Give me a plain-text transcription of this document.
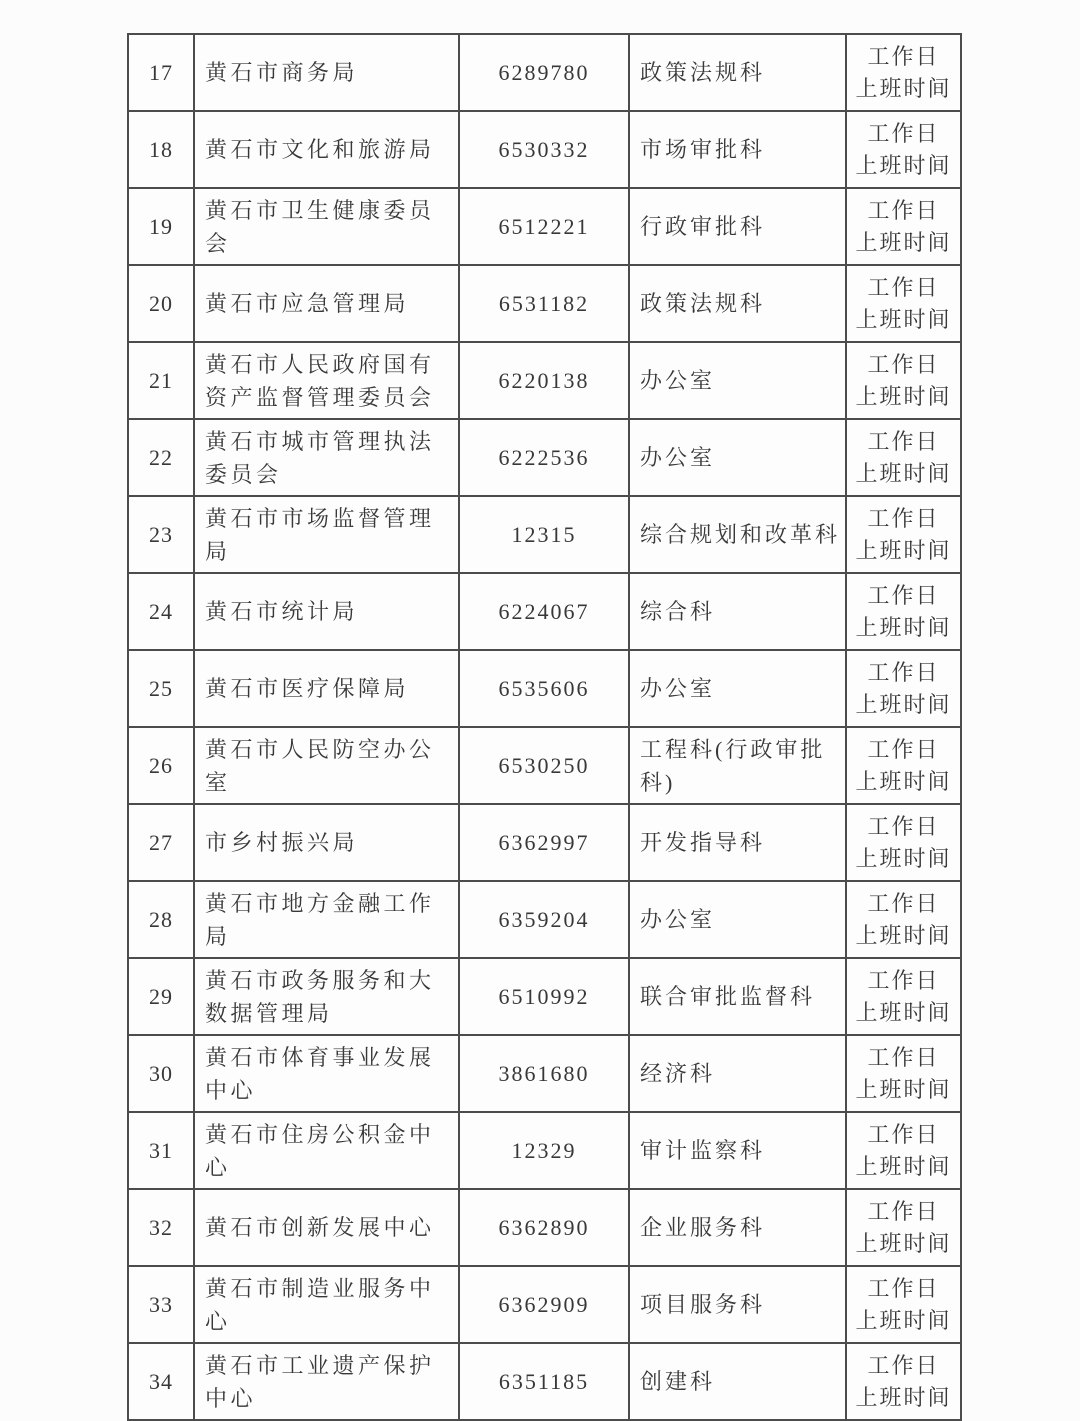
17	黄石市商务局	6289780	政策法规科	工作日
上班时间

18	黄石市文化和旅游局	6530332	市场审批科	工作日
上班时间

19	黄石市卫生健康委员会	6512221	行政审批科	工作日
上班时间

20	黄石市应急管理局	6531182	政策法规科	工作日
上班时间

21	黄石市人民政府国有资产监督管理委员会	6220138	办公室	工作日
上班时间

22	黄石市城市管理执法委员会	6222536	办公室	工作日
上班时间

23	黄石市市场监督管理局	12315	综合规划和改革科	工作日
上班时间

24	黄石市统计局	6224067	综合科	工作日
上班时间

25	黄石市医疗保障局	6535606	办公室	工作日
上班时间

26	黄石市人民防空办公室	6530250	工程科(行政审批科)	工作日
上班时间

27	市乡村振兴局	6362997	开发指导科	工作日
上班时间

28	黄石市地方金融工作局	6359204	办公室	工作日
上班时间

29	黄石市政务服务和大数据管理局	6510992	联合审批监督科	工作日
上班时间

30	黄石市体育事业发展中心	3861680	经济科	工作日
上班时间

31	黄石市住房公积金中心	12329	审计监察科	工作日
上班时间

32	黄石市创新发展中心	6362890	企业服务科	工作日
上班时间

33	黄石市制造业服务中心	6362909	项目服务科	工作日
上班时间

34	黄石市工业遗产保护中心	6351185	创建科	工作日
上班时间
